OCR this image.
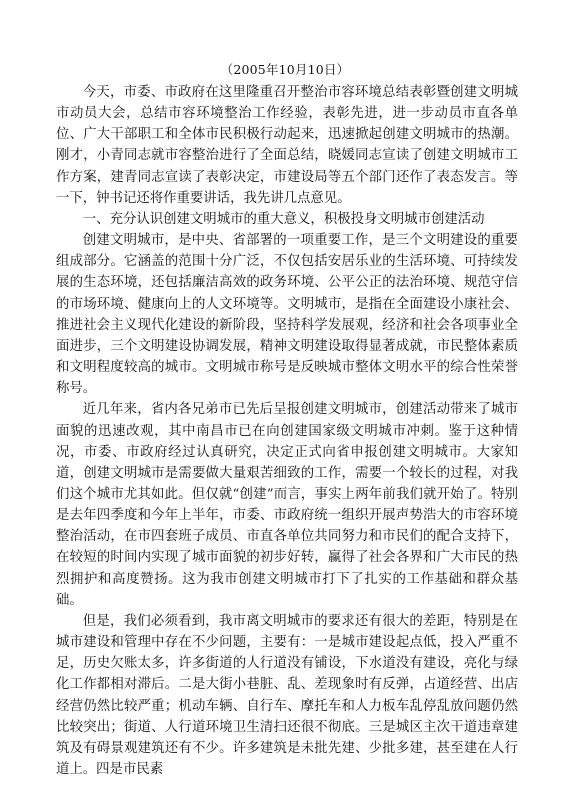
（2005年10月10日）

今天，市委、市政府在这里隆重召开整治市容环境总结表彰暨创建文明城市动员大会，总结市容环境整治工作经验，表彰先进，进一步动员市直各单位、广大干部职工和全体市民积极行动起来，迅速掀起创建文明城市的热潮。刚才，小青同志就市容整治进行了全面总结，晓媛同志宣读了创建文明城市工作方案，建青同志宣读了表彰决定，市建设局等五个部门还作了表态发言。等一下，钟书记还将作重要讲话，我先讲几点意见。

一、充分认识创建文明城市的重大意义，积极投身文明城市创建活动

创建文明城市，是中央、省部署的一项重要工作，是三个文明建设的重要组成部分。它涵盖的范围十分广泛，不仅包括安居乐业的生活环境、可持续发展的生态环境，还包括廉洁高效的政务环境、公平公正的法治环境、规范守信的市场环境、健康向上的人文环境等。文明城市，是指在全面建设小康社会、推进社会主义现代化建设的新阶段，坚持科学发展观，经济和社会各项事业全面进步，三个文明建设协调发展，精神文明建设取得显著成就，市民整体素质和文明程度较高的城市。文明城市称号是反映城市整体文明水平的综合性荣誉称号。

近几年来，省内各兄弟市已先后呈报创建文明城市，创建活动带来了城市面貌的迅速改观，其中南昌市已在向创建国家级文明城市冲刺。鉴于这种情况，市委、市政府经过认真研究，决定正式向省申报创建文明城市。大家知道，创建文明城市是需要做大量艰苦细致的工作，需要一个较长的过程，对我们这个城市尤其如此。但仅就“创建”而言，事实上两年前我们就开始了。特别是去年四季度和今年上半年，市委、市政府统一组织开展声势浩大的市容环境整治活动，在市四套班子成员、市直各单位共同努力和市民们的配合支持下，在较短的时间内实现了城市面貌的初步好转，赢得了社会各界和广大市民的热烈拥护和高度赞扬。这为我市创建文明城市打下了扎实的工作基础和群众基础。

但是，我们必须看到，我市离文明城市的要求还有很大的差距，特别是在城市建设和管理中存在不少问题，主要有：一是城市建设起点低，投入严重不足，历史欠账太多，许多街道的人行道没有铺设，下水道没有建设，亮化与绿化工作都相对滞后。二是大街小巷脏、乱、差现象时有反弹，占道经营、出店经营仍然比较严重；机动车辆、自行车、摩托车和人力板车乱停乱放问题仍然比较突出；街道、人行道环境卫生清扫还很不彻底。三是城区主次干道违章建筑及有碍景观建筑还有不少。许多建筑是未批先建、少批多建，甚至建在人行道上。四是市民素
